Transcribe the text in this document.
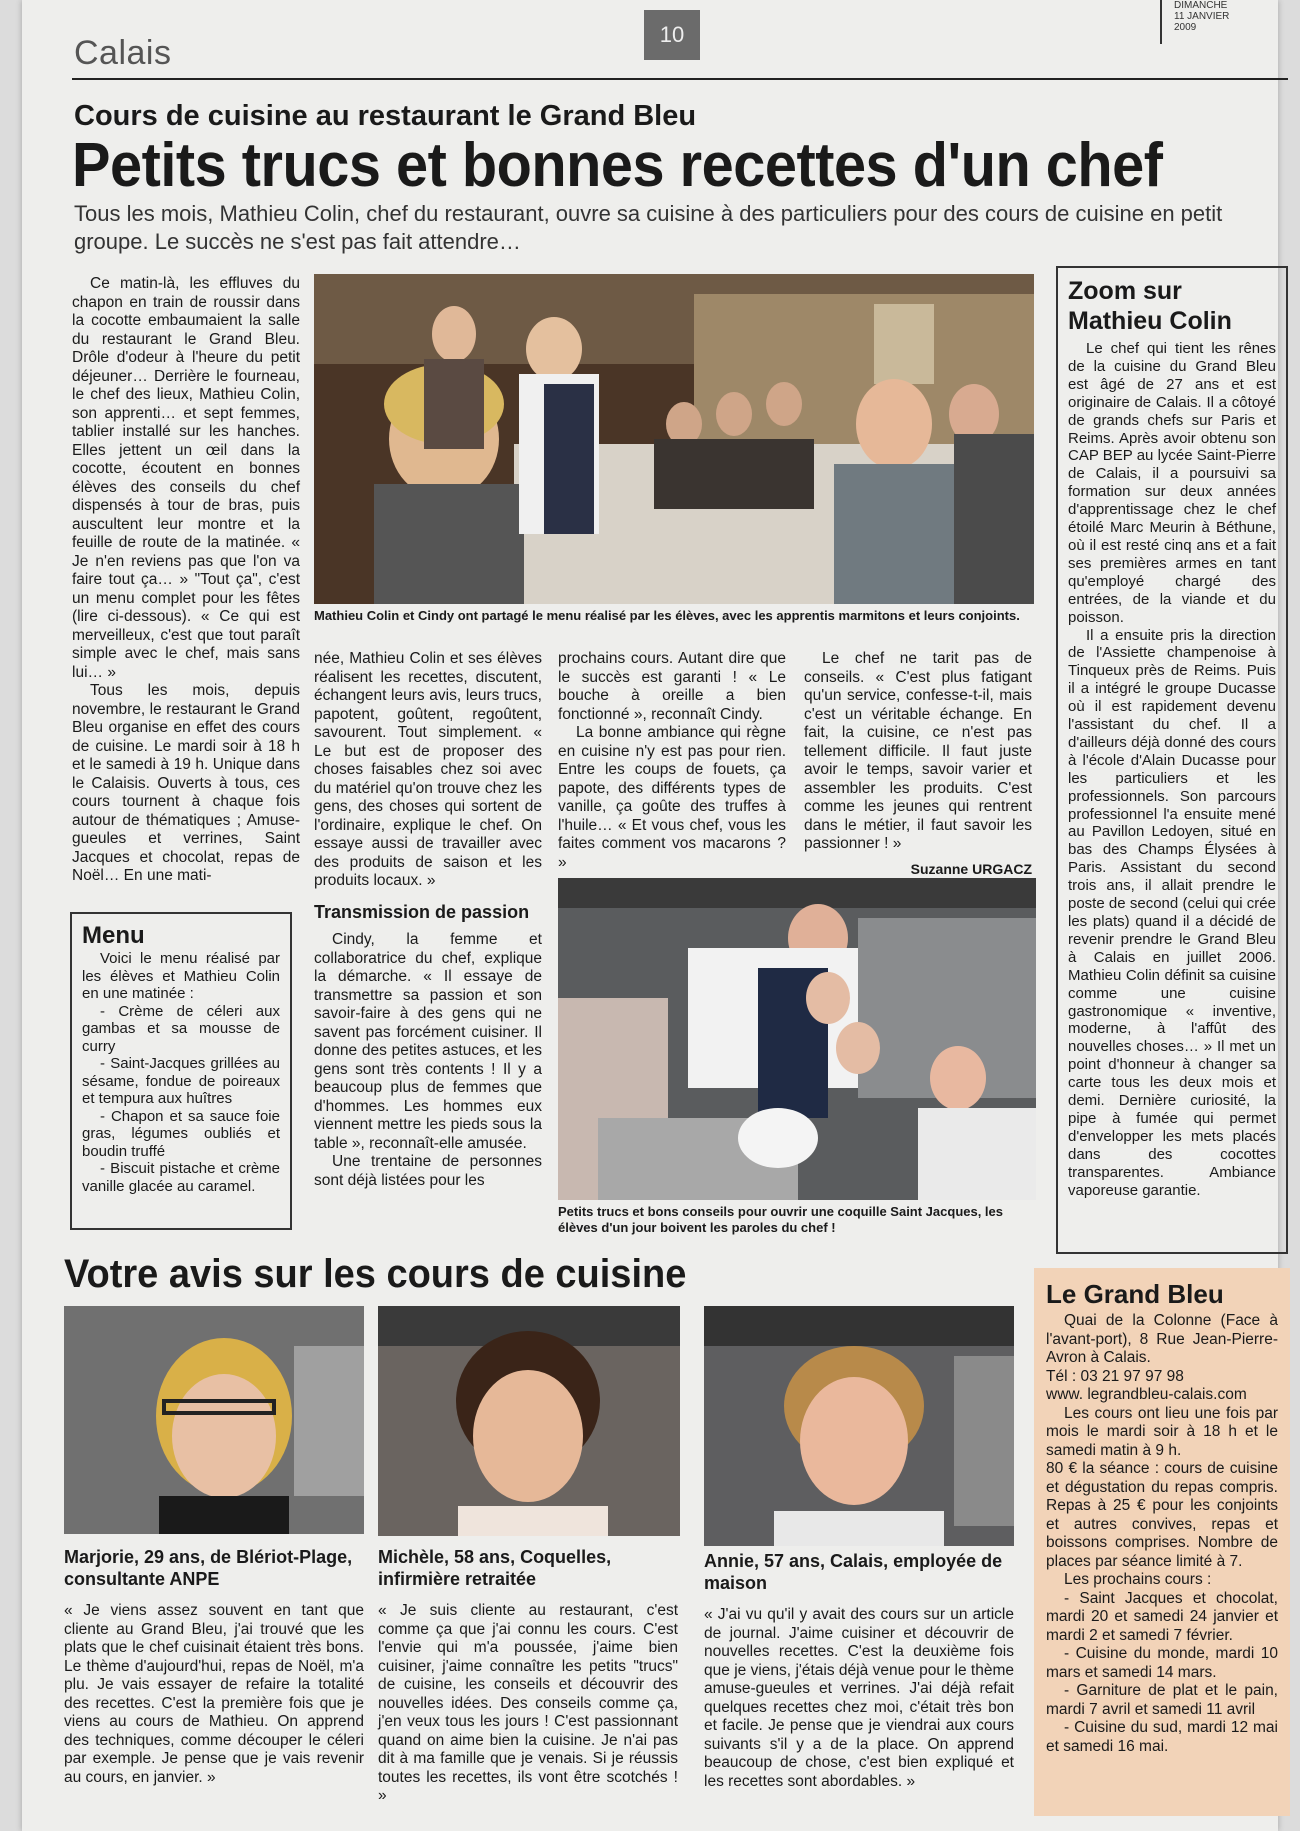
Calais	10
DIMANCHE
11 JANVIER
2009
Cours de cuisine au restaurant le Grand Bleu
Petits trucs et bonnes recettes d'un chef
Tous les mois, Mathieu Colin, chef du restaurant, ouvre sa cuisine à des particuliers pour des cours de cuisine en petit groupe. Le succès ne s'est pas fait attendre…

Ce matin-là, les effluves du chapon en train de roussir dans la cocotte embaumaient la salle du restaurant le Grand Bleu. Drôle d'odeur à l'heure du petit déjeuner… Derrière le fourneau, le chef des lieux, Mathieu Colin, son apprenti… et sept femmes, tablier installé sur les hanches. Elles jettent un œil dans la cocotte, écoutent en bonnes élèves des conseils du chef dispensés à tour de bras, puis auscultent leur montre et la feuille de route de la matinée. « Je n'en reviens pas que l'on va faire tout ça… » "Tout ça", c'est un menu complet pour les fêtes (lire ci-dessous). « Ce qui est merveilleux, c'est que tout paraît simple avec le chef, mais sans lui… »

Tous les mois, depuis novembre, le restaurant le Grand Bleu organise en effet des cours de cuisine. Le mardi soir à 18 h et le samedi à 19 h. Unique dans le Calaisis. Ouverts à tous, ces cours tournent à chaque fois autour de thématiques ; Amuse-gueules et verrines, Saint Jacques et chocolat, repas de Noël… En une mati-

Menu

Voici le menu réalisé par les élèves et Mathieu Colin en une matinée :

- Crème de céleri aux gambas et sa mousse de curry

- Saint-Jacques grillées au sésame, fondue de poireaux et tempura aux huîtres

- Chapon et sa sauce foie gras, légumes oubliés et boudin truffé

- Biscuit pistache et crème vanille glacée au caramel.

Mathieu Colin et Cindy ont partagé le menu réalisé par les élèves, avec les apprentis marmitons et leurs conjoints.

née, Mathieu Colin et ses élèves réalisent les recettes, discutent, échangent leurs avis, leurs trucs, papotent, goûtent, regoûtent, savourent. Tout simplement. « Le but est de proposer des choses faisables chez soi avec du matériel qu'on trouve chez les gens, des choses qui sortent de l'ordinaire, explique le chef. On essaye aussi de travailler avec des produits de saison et les produits locaux. »

Transmission de passion

Cindy, la femme et collaboratrice du chef, explique la démarche. « Il essaye de transmettre sa passion et son savoir-faire à des gens qui ne savent pas forcément cuisiner. Il donne des petites astuces, et les gens sont très contents ! Il y a beaucoup plus de femmes que d'hommes. Les hommes eux viennent mettre les pieds sous la table », reconnaît-elle amusée.

Une trentaine de personnes sont déjà listées pour les

prochains cours. Autant dire que le succès est garanti ! « Le bouche à oreille a bien fonctionné », reconnaît Cindy.

La bonne ambiance qui règne en cuisine n'y est pas pour rien. Entre les coups de fouets, ça papote, des différents types de vanille, ça goûte des truffes à l'huile… « Et vous chef, vous les faites comment vos macarons ? »

Le chef ne tarit pas de conseils. « C'est plus fatigant qu'un service, confesse-t-il, mais c'est un véritable échange. En fait, la cuisine, ce n'est pas tellement difficile. Il faut juste avoir le temps, savoir varier et assembler les produits. C'est comme les jeunes qui rentrent dans le métier, il faut savoir les passionner ! »

Suzanne URGACZ
Petits trucs et bons conseils pour ouvrir une coquille Saint Jacques, les élèves d'un jour boivent les paroles du chef !
Zoom sur Mathieu Colin

Le chef qui tient les rênes de la cuisine du Grand Bleu est âgé de 27 ans et est originaire de Calais. Il a côtoyé de grands chefs sur Paris et Reims. Après avoir obtenu son CAP BEP au lycée Saint-Pierre de Calais, il a poursuivi sa formation sur deux années d'apprentissage chez le chef étoilé Marc Meurin à Béthune, où il est resté cinq ans et a fait ses premières armes en tant qu'employé chargé des entrées, de la viande et du poisson.

Il a ensuite pris la direction de l'Assiette champenoise à Tinqueux près de Reims. Puis il a intégré le groupe Ducasse où il est rapidement devenu l'assistant du chef. Il a d'ailleurs déjà donné des cours à l'école d'Alain Ducasse pour les particuliers et les professionnels. Son parcours professionnel l'a ensuite mené au Pavillon Ledoyen, situé en bas des Champs Élysées à Paris. Assistant du second trois ans, il allait prendre le poste de second (celui qui crée les plats) quand il a décidé de revenir prendre le Grand Bleu à Calais en juillet 2006. Mathieu Colin définit sa cuisine comme une cuisine gastronomique « inventive, moderne, à l'affût des nouvelles choses… » Il met un point d'honneur à changer sa carte tous les deux mois et demi. Dernière curiosité, la pipe à fumée qui permet d'envelopper les mets placés dans des cocottes transparentes. Ambiance vaporeuse garantie.

Votre avis sur les cours de cuisine
Marjorie, 29 ans, de Blériot-Plage, consultante ANPE
« Je viens assez souvent en tant que cliente au Grand Bleu, j'ai trouvé que les plats que le chef cuisinait étaient très bons. Le thème d'aujourd'hui, repas de Noël, m'a plu. Je vais essayer de refaire la totalité des recettes. C'est la première fois que je viens au cours de Mathieu. On apprend des techniques, comme découper le céleri par exemple. Je pense que je vais revenir au cours, en janvier. »
Michèle, 58 ans, Coquelles, infirmière retraitée
« Je suis cliente au restaurant, c'est comme ça que j'ai connu les cours. C'est l'envie qui m'a poussée, j'aime bien cuisiner, j'aime connaître les petits "trucs" de cuisine, les conseils et découvrir des nouvelles idées. Des conseils comme ça, j'en veux tous les jours ! C'est passionnant quand on aime bien la cuisine. Je n'ai pas dit à ma famille que je venais. Si je réussis toutes les recettes, ils vont être scotchés ! »
Annie, 57 ans, Calais, employée de maison
« J'ai vu qu'il y avait des cours sur un article de journal. J'aime cuisiner et découvrir de nouvelles recettes. C'est la deuxième fois que je viens, j'étais déjà venue pour le thème amuse-gueules et verrines. J'ai déjà refait quelques recettes chez moi, c'était très bon et facile. Je pense que je viendrai aux cours suivants s'il y a de la place. On apprend beaucoup de chose, c'est bien expliqué et les recettes sont abordables. »
Le Grand Bleu

Quai de la Colonne (Face à l'avant-port), 8 Rue Jean-Pierre-Avron à Calais.

Tél : 03 21 97 97 98
www. legrandbleu-calais.com

Les cours ont lieu une fois par mois le mardi soir à 18 h et le samedi matin à 9 h.

80 € la séance : cours de cuisine et dégustation du repas compris. Repas à 25 € pour les conjoints et autres convives, repas et boissons comprises. Nombre de places par séance limité à 7.

Les prochains cours :

- Saint Jacques et chocolat, mardi 20 et samedi 24 janvier et mardi 2 et samedi 7 février.

- Cuisine du monde, mardi 10 mars et samedi 14 mars.

- Garniture de plat et le pain, mardi 7 avril et samedi 11 avril

- Cuisine du sud, mardi 12 mai et samedi 16 mai.
